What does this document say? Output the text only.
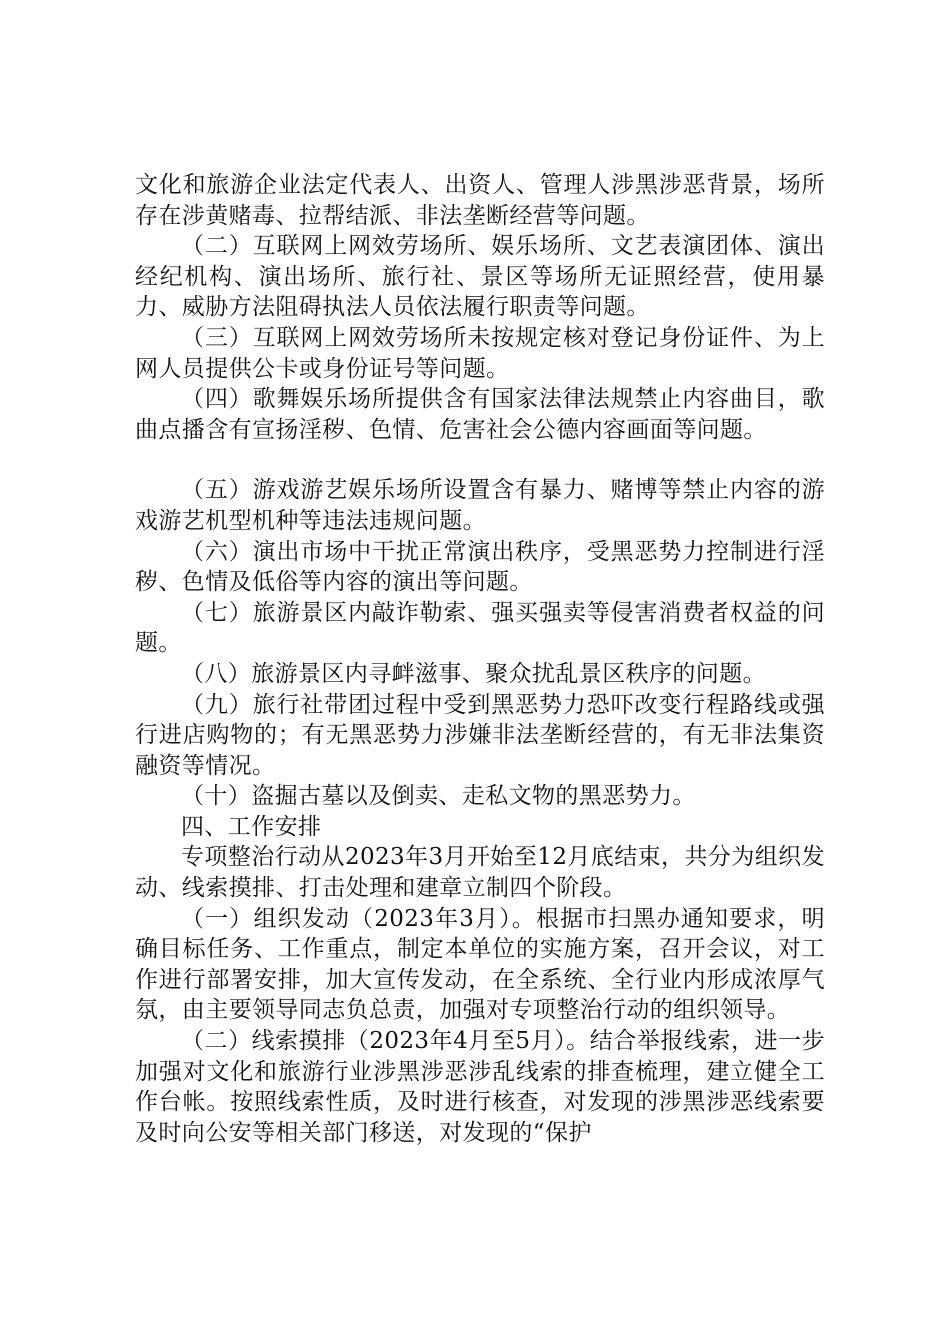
文化和旅游企业法定代表人、出资人、管理人涉黑涉恶背景，场所存在涉黄赌毒、拉帮结派、非法垄断经营等问题。

（二）互联网上网效劳场所、娱乐场所、文艺表演团体、演出经纪机构、演出场所、旅行社、景区等场所无证照经营，使用暴力、威胁方法阻碍执法人员依法履行职责等问题。

（三）互联网上网效劳场所未按规定核对登记身份证件、为上网人员提供公卡或身份证号等问题。

（四）歌舞娱乐场所提供含有国家法律法规禁止内容曲目，歌曲点播含有宣扬淫秽、色情、危害社会公德内容画面等问题。

（五）游戏游艺娱乐场所设置含有暴力、赌博等禁止内容的游戏游艺机型机种等违法违规问题。

（六）演出市场中干扰正常演出秩序，受黑恶势力控制进行淫秽、色情及低俗等内容的演出等问题。

（七）旅游景区内敲诈勒索、强买强卖等侵害消费者权益的问题。

（八）旅游景区内寻衅滋事、聚众扰乱景区秩序的问题。

（九）旅行社带团过程中受到黑恶势力恐吓改变行程路线或强行进店购物的；有无黑恶势力涉嫌非法垄断经营的，有无非法集资融资等情况。

（十）盗掘古墓以及倒卖、走私文物的黑恶势力。

四、工作安排

专项整治行动从2023年3月开始至12月底结束，共分为组织发动、线索摸排、打击处理和建章立制四个阶段。

（一）组织发动（2023年3月）。根据市扫黑办通知要求，明确目标任务、工作重点，制定本单位的实施方案，召开会议，对工作进行部署安排，加大宣传发动，在全系统、全行业内形成浓厚气氛，由主要领导同志负总责，加强对专项整治行动的组织领导。

（二）线索摸排（2023年4月至5月）。结合举报线索，进一步加强对文化和旅游行业涉黑涉恶涉乱线索的排查梳理，建立健全工作台帐。按照线索性质，及时进行核查，对发现的涉黑涉恶线索要及时向公安等相关部门移送，对发现的“保护
